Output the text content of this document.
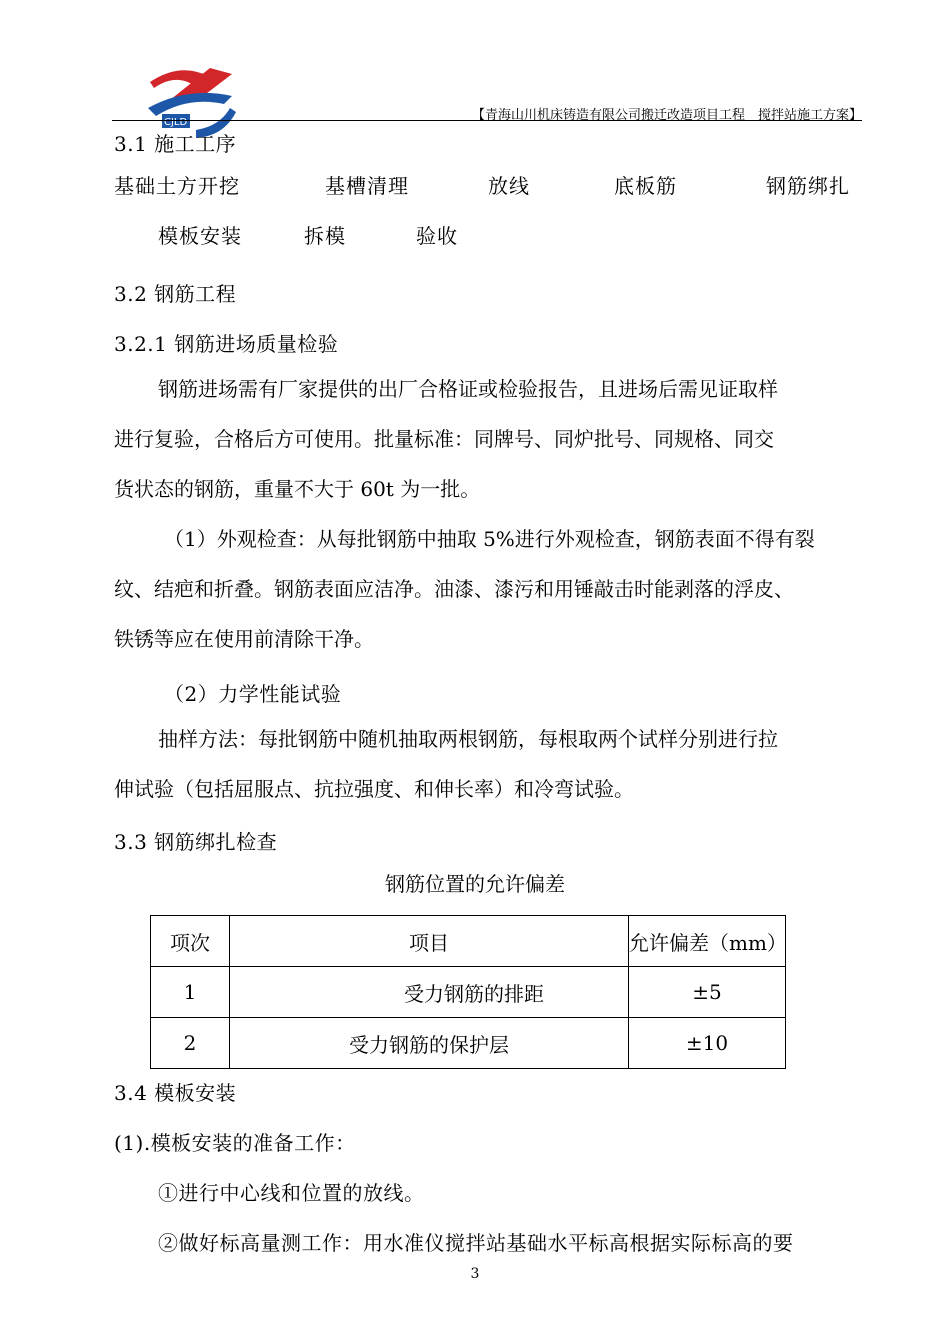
CJLD	【青海山川机床铸造有限公司搬迁改造项目工程　搅拌站施工方案】
3.1 施工工序
基础土方开挖	基槽清理	放线	底板筋	钢筋绑扎
模板安装	拆模	验收
3.2 钢筋工程
3.2.1 钢筋进场质量检验
钢筋进场需有厂家提供的出厂合格证或检验报告，且进场后需见证取样
进行复验，合格后方可使用。批量标准：同牌号、同炉批号、同规格、同交
货状态的钢筋，重量不大于 60t 为一批。
（1）外观检查：从每批钢筋中抽取 5%进行外观检查，钢筋表面不得有裂
纹、结疤和折叠。钢筋表面应洁净。油漆、漆污和用锤敲击时能剥落的浮皮、
铁锈等应在使用前清除干净。
（2）力学性能试验
抽样方法：每批钢筋中随机抽取两根钢筋，每根取两个试样分别进行拉
伸试验（包括屈服点、抗拉强度、和伸长率）和冷弯试验。
3.3 钢筋绑扎检查
钢筋位置的允许偏差
项次	项目	允许偏差（mm）
1	受力钢筋的排距	±5
2	受力钢筋的保护层	±10
3.4 模板安装
(1).模板安装的准备工作：
①进行中心线和位置的放线。
②做好标高量测工作：用水准仪搅拌站基础水平标高根据实际标高的要
3
